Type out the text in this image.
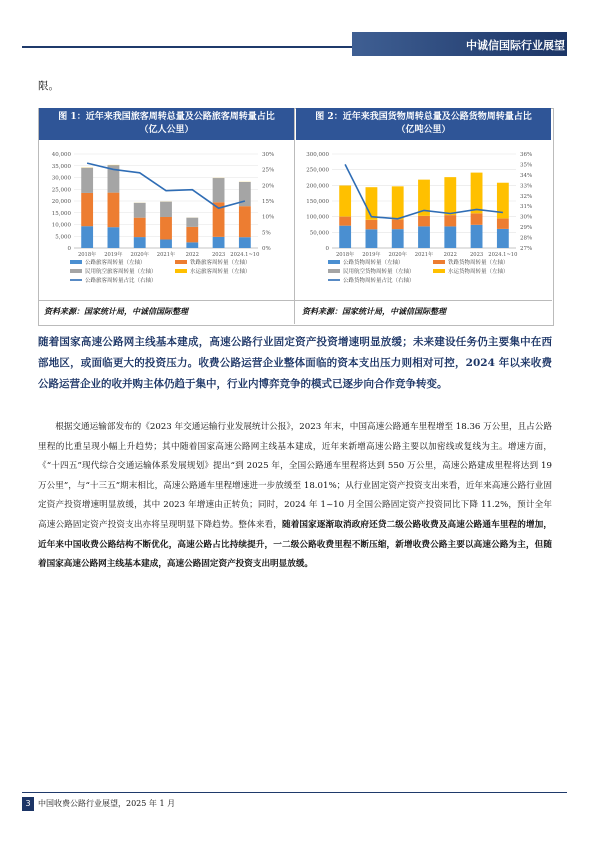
中诚信国际行业展望
限。
图 1：近年来我国旅客周转总量及公路旅客周转量占比
（亿人公里）
图 2：近年来我国货物周转总量及公路货物周转量占比
（亿吨公里）
0
5,000
10,000
15,000
20,000
25,000
30,000
35,000
40,000
0%
5%
10%
15%
20%
25%
30%
2018年 2019年 2020年 2021年 2022	2023 2024.1~10
公路旅客周转量（左轴）	铁路旅客周转量（左轴）
民用航空旅客周转量（左轴）	水运旅客周转量（左轴）
公路旅客周转量占比（右轴）
0
50,000
100,000
150,000
200,000
250,000
300,000
27%
28%
29%
30%
31%
32%
33%
34%
35%
36%
2018年 2019年 2020年 2021年 2022	2023 2024.1~10
公路货物周转量（左轴）	铁路货物周转量（左轴）
民用航空货物周转量（左轴）	水运货物周转量（左轴）
公路货物周转量占比（右轴）
资料来源：国家统计局，中诚信国际整理	资料来源：国家统计局，中诚信国际整理
随着国家高速公路网主线基本建成，高速公路行业固定资产投资增速明显放缓；未来建设任务仍主要集中在西部地区，或面临更大的投资压力。收费公路运营企业整体面临的资本支出压力则相对可控，2024 年以来收费公路运营企业的收并购主体仍趋于集中，行业内博弈竞争的模式已逐步向合作竞争转变。
根据交通运输部发布的《2023 年交通运输行业发展统计公报》，2023 年末，中国高速公路通车里程增至 18.36 万公里，且占公路里程的比重呈现小幅上升趋势；其中随着国家高速公路网主线基本建成，近年来新增高速公路主要以加密线或复线为主。增速方面，《“十四五”现代综合交通运输体系发展规划》提出“到 2025 年，全国公路通车里程将达到 550 万公里，高速公路建成里程将达到 19 万公里”，与“十三五”期末相比，高速公路通车里程增速进一步放缓至 18.01%；从行业固定资产投资支出来看，近年来高速公路行业固定资产投资增速明显放缓，其中 2023 年增速由正转负；同时，2024 年 1~10 月全国公路固定资产投资同比下降 11.2%，预计全年高速公路固定资产投资支出亦将呈现明显下降趋势。整体来看，随着国家逐渐取消政府还贷二级公路收费及高速公路通车里程的增加，近年来中国收费公路结构不断优化，高速公路占比持续提升，一二级公路收费里程不断压缩，新增收费公路主要以高速公路为主，但随着国家高速公路网主线基本建成，高速公路固定资产投资支出明显放缓。
3 中国收费公路行业展望，2025 年 1 月
